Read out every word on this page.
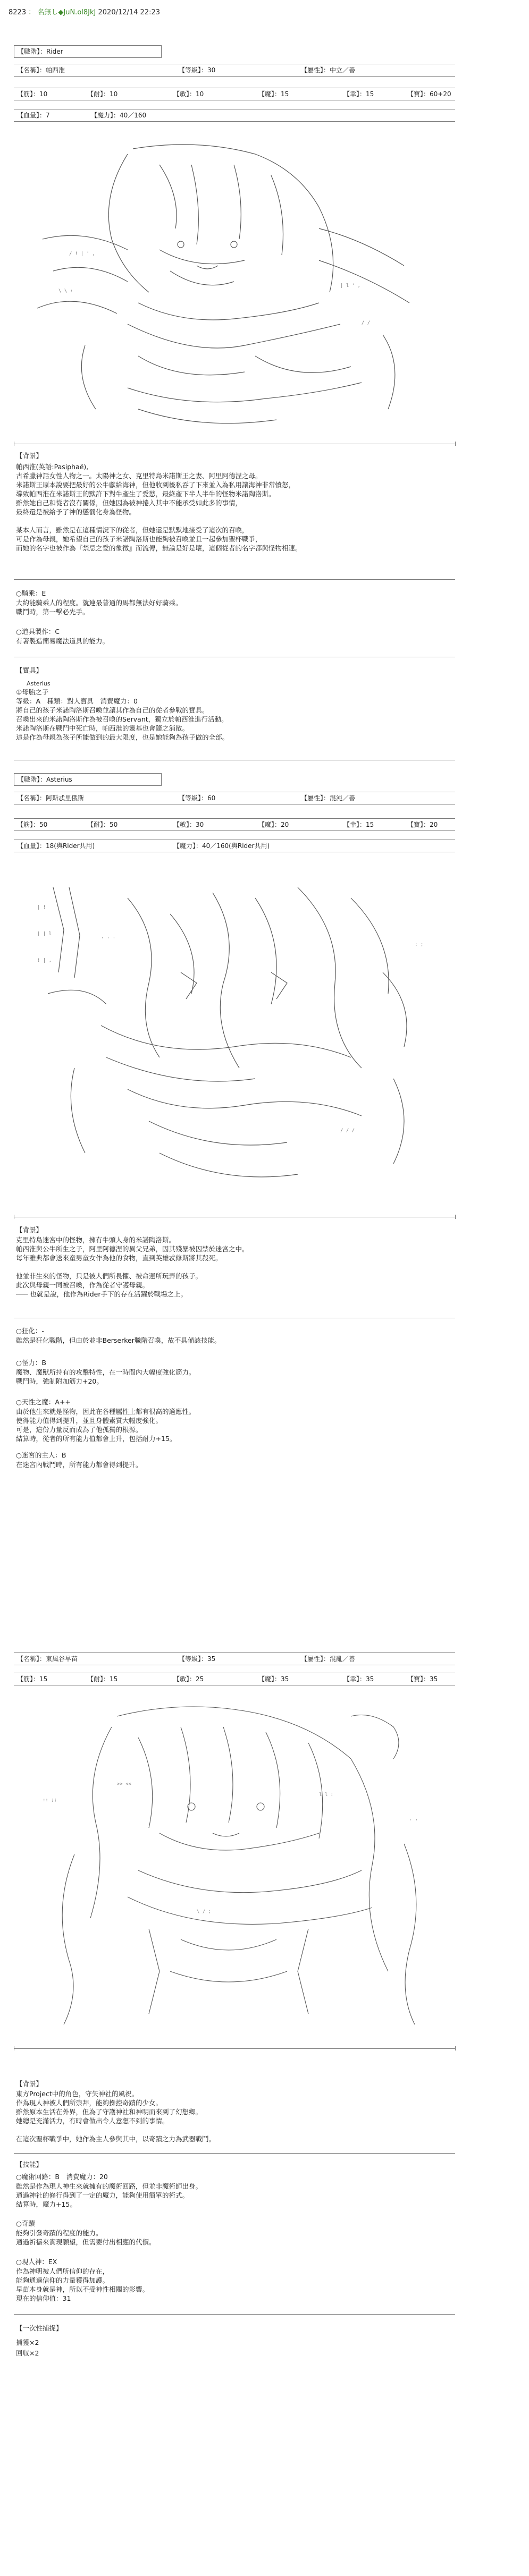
8223 ： 名無し◆JuN.ol8JkJ 2020/12/14 22:23
【職階】：Rider
【名稱】：帕西淮	【等級】：30	【屬性】：中立／善
【筋】：10	【耐】：10	【敏】：10	【魔】：15	【幸】：15	【寶】：60+20
【血量】：7	【魔力】：40／160
/ ! | ' ,
| l ' ,
\ \ :
/ /
【背景】
帕西淮(英語:Pasiphaë),
古希臘神話女性人物之一。太陽神之女、克里特島米諾斯王之妻、阿里阿德涅之母。
米諾斯王原本說要把最好的公牛獻給海神，但他收到後私吞了下來並入為私用讓海神非常憤怒，
導致帕西淮在米諾斯王的默許下對牛產生了愛慾，最終產下半人半牛的怪物米諾陶洛斯。
雖然她自己和從者沒有關係，但她因為被神捲入其中不能承受如此多的事情，
最終還是被給予了神的懲罰化身為怪物。

某本人而言，雖然是在這種情況下的從者，但她還是默默地接受了這次的召喚，
可是作為母親，她希望自己的孩子米諾陶洛斯也能夠被召喚並且一起參加聖杯戰爭，
而她的名字也被作為『禁忌之愛的象徵』而流傳，無論是好是壞，這個從者的名字都與怪物相連。
○騎乘：E
大約能騎乘人的程度。就連最普通的馬都無法好好騎乘。
戰鬥時，第一擊必先手。
○道具製作：C
有著製造簡易魔法道具的能力。
【寶具】
Asterius
①母胎之子
等級：A　種類：對人寶具　消費魔力：0
將自己的孩子米諾陶洛斯召喚並讓其作為自己的從者參戰的寶具。
召喚出來的米諾陶洛斯作為被召喚的Servant，獨立於帕西淮進行活動。
米諾陶洛斯在戰鬥中死亡時，帕西淮的靈基也會隨之消散。
這是作為母親為孩子所能做到的最大限度，也是她能夠為孩子做的全部。
【職階】：Asterius
【名稱】：阿斯忒里俄斯	【等級】：60	【屬性】：混沌／善
【筋】：50	【耐】：50	【敏】：30	【魔】：20	【幸】：15	【寶】：20
【血量】：18(與Rider共用)	【魔力】：40／160(與Rider共用)
| !
| | l
! | ,
: ;
' ' '
/ / /
【背景】
克里特島迷宮中的怪物，擁有牛頭人身的米諾陶洛斯。
帕西淮與公牛所生之子，阿里阿德涅的異父兄弟，因其殘暴被囚禁於迷宮之中。
每年雅典都會送來童男童女作為他的食物，直到英雄忒修斯將其殺死。

他並非生來的怪物，只是被人們所畏懼、被命運所玩弄的孩子。
此次與母親一同被召喚，作為從者守護母親。
─── 也就是說，他作為Rider手下的存在活躍於戰場之上。
○狂化：-
雖然是狂化職階，但由於並非Berserker職階召喚，故不具備該技能。
○怪力：B
魔物、魔獸所持有的攻擊特性，在一時間內大幅度強化筋力。
戰鬥時，強制附加筋力+20。
○天性之魔：A++
由於他生來就是怪物，因此在各種屬性上都有很高的適應性。
使得能力值得到提升，並且身體素質大幅度強化。
可是，這份力量反而成為了他孤獨的根源。
結算時，從者的所有能力值都會上升，包括耐力+15。
○迷宮的主人：B
在迷宮內戰鬥時，所有能力都會得到提升。
【名稱】：東風谷早苗	【等級】：35	【屬性】：混亂／善
【筋】：15	【耐】：15	【敏】：25	【魔】：35	【幸】：35	【寶】：35
>> <<
l l :
\ / ;
:: ;;
' '
【背景】
東方Project中的角色，守矢神社的風祝。
作為現人神被人們所崇拜，能夠操控奇蹟的少女。
雖然原本生活在外界，但為了守護神社和神明而來到了幻想鄉。
她總是充滿活力，有時會做出令人意想不到的事情。

在這次聖杯戰爭中，她作為主人參與其中，以奇蹟之力為武器戰鬥。
【技能】
○魔術回路：B　消費魔力：20
雖然是作為現人神生來就擁有的魔術回路，但並非魔術師出身。
通過神社的修行得到了一定的魔力，能夠使用簡單的術式。
結算時，魔力+15。
○奇蹟
能夠引發奇蹟的程度的能力。
通過祈禱來實現願望，但需要付出相應的代價。
○現人神：EX
作為神明被人們所信仰的存在，
能夠通過信仰的力量獲得加護。
早苗本身就是神，所以不受神性相關的影響。
現在的信仰值：31
【一次性捕捉】
捕獲×2
回収×2
